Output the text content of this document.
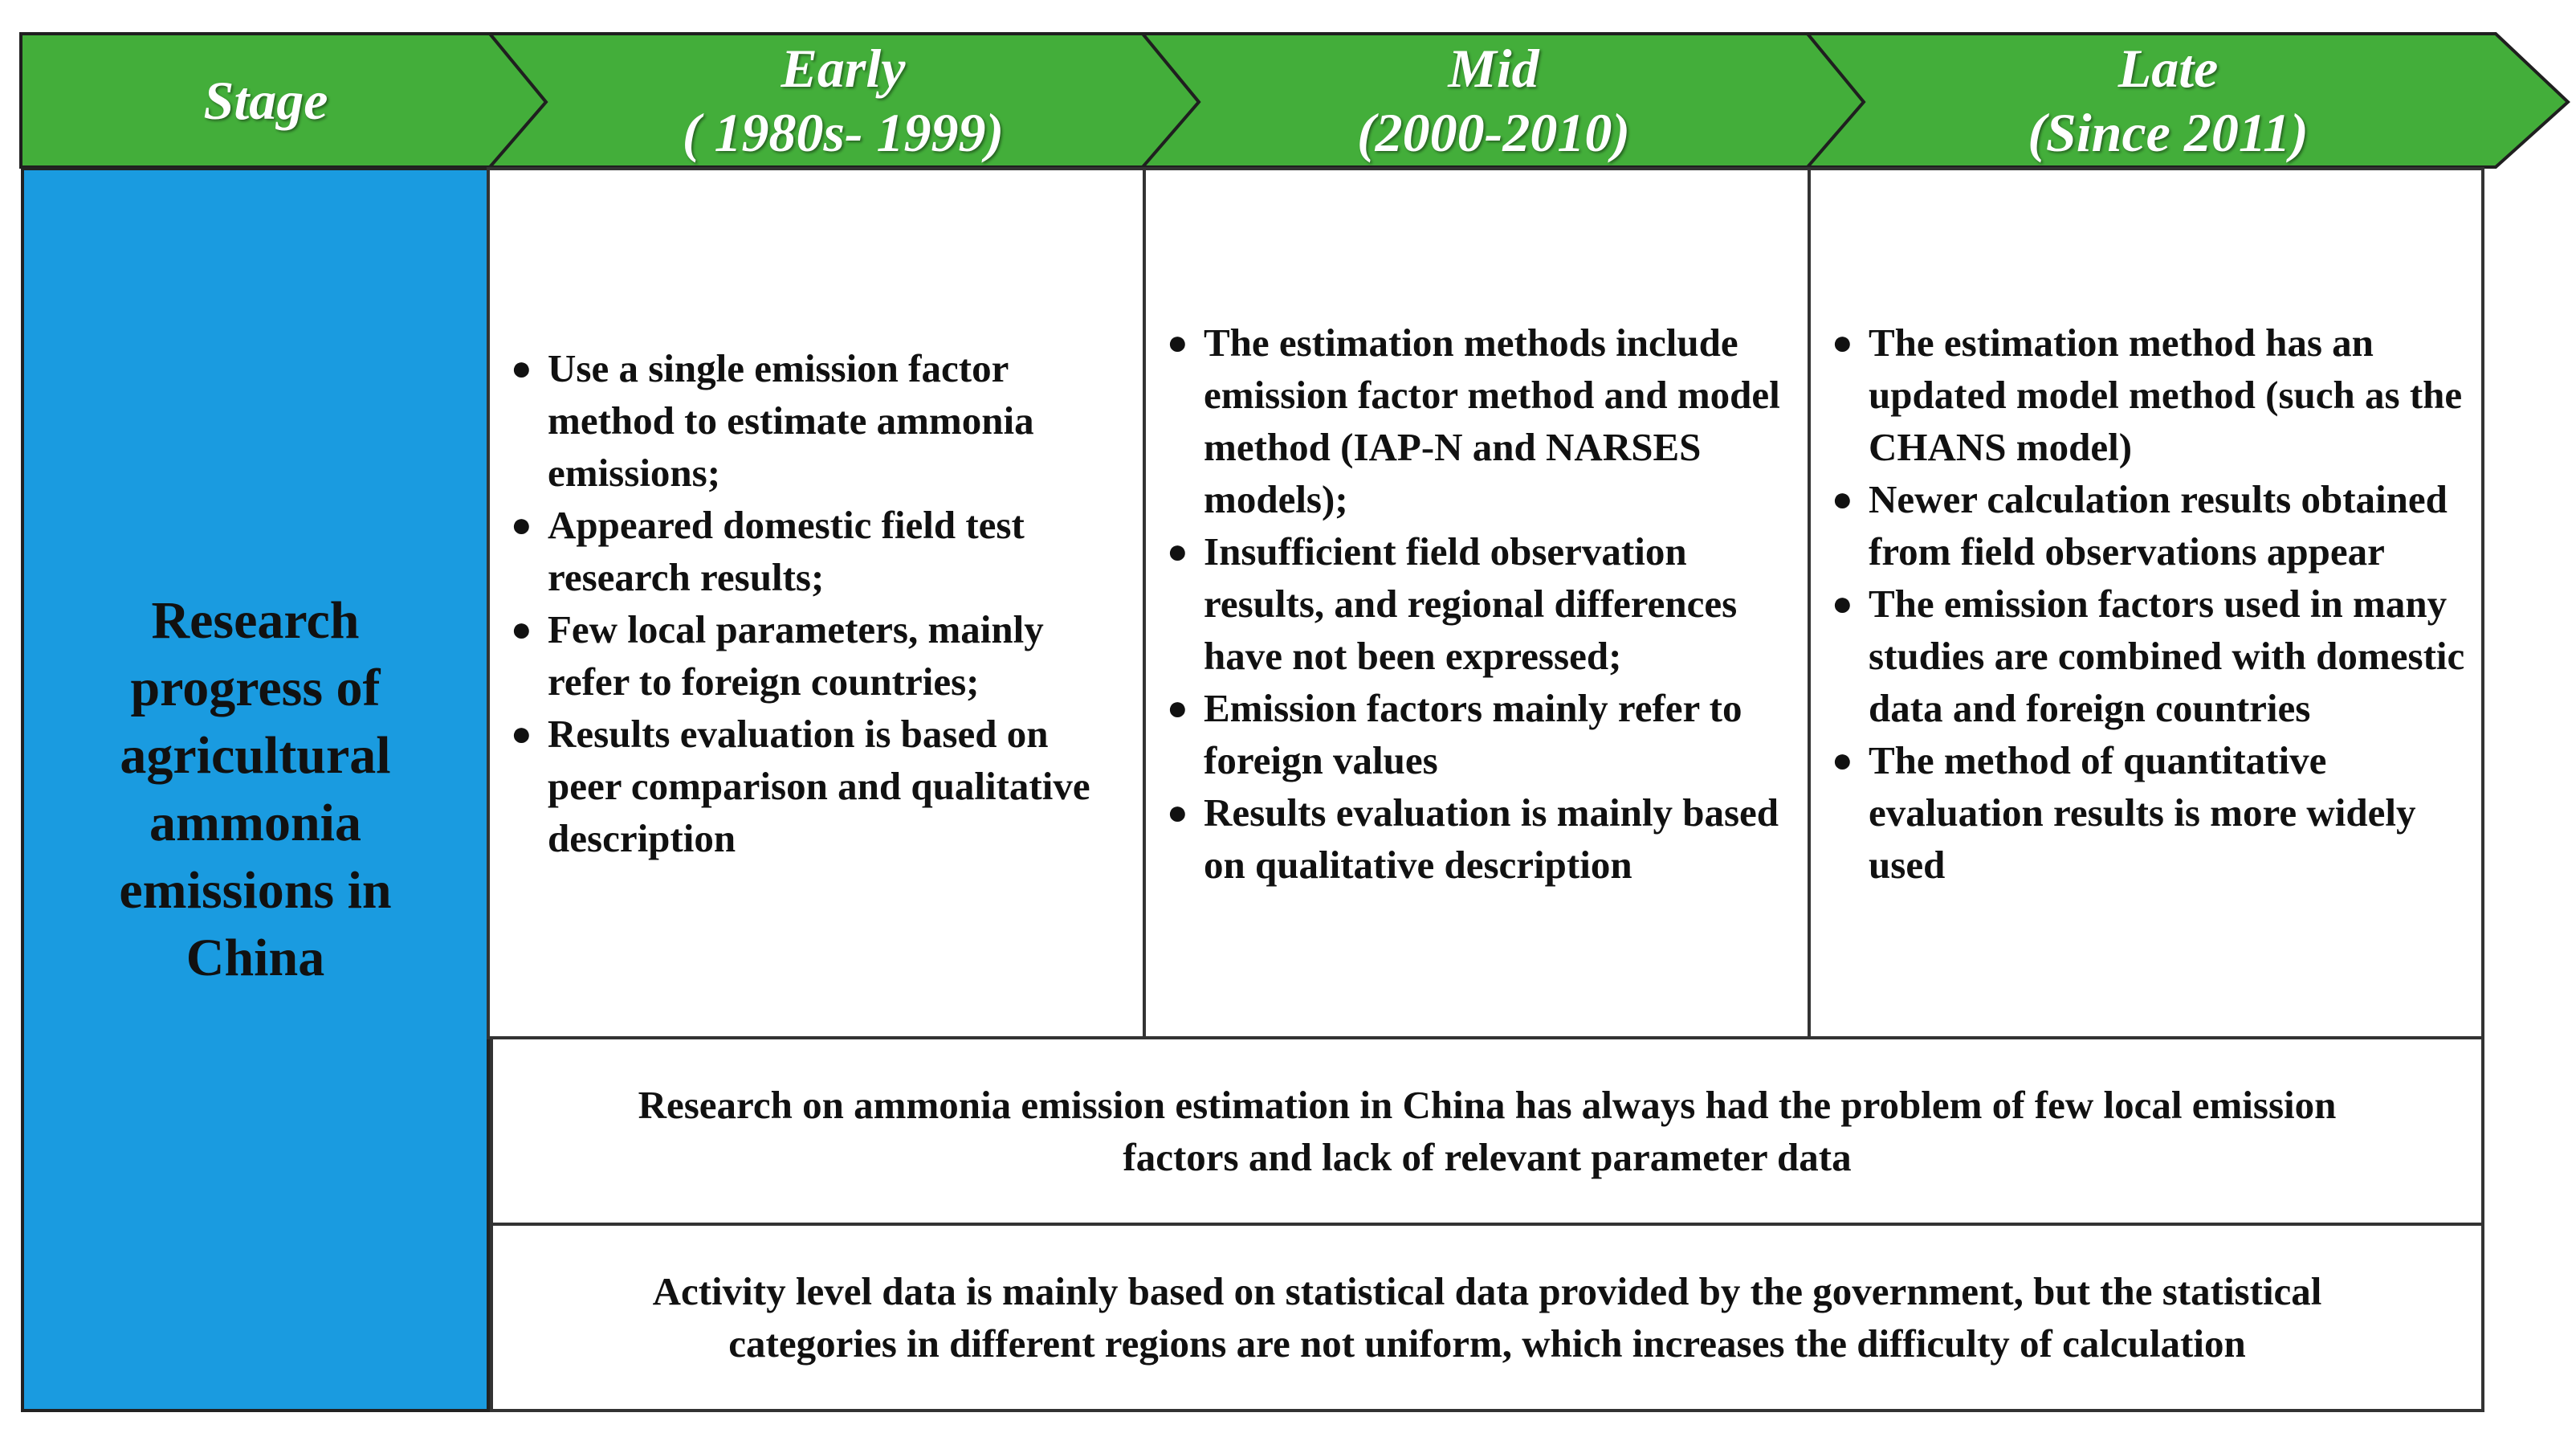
Stage
Early
( 1980s- 1999)
Mid
(2000-2010)
Late
(Since 2011)
Research progress of agricultural ammonia emissions in China
● Use a single emission factor method to estimate ammonia emissions;
● Appeared domestic field test research results;
● Few local parameters, mainly refer to foreign countries;
● Results evaluation is based on peer comparison and qualitative description
● The estimation methods include emission factor method and model method (IAP-N and NARSES models);
● Insufficient field observation results, and regional differences have not been expressed;
● Emission factors mainly refer to foreign values
● Results evaluation is mainly based on qualitative description
● The estimation method has an updated model method (such as the CHANS model)
● Newer calculation results obtained from field observations appear
● The emission factors used in many studies are combined with domestic data and foreign countries
● The method of quantitative evaluation results is more widely used
Research on ammonia emission estimation in China has always had the problem of few local emission factors and lack of relevant parameter data
Activity level data is mainly based on statistical data provided by the government, but the statistical categories in different regions are not uniform, which increases the difficulty of calculation
